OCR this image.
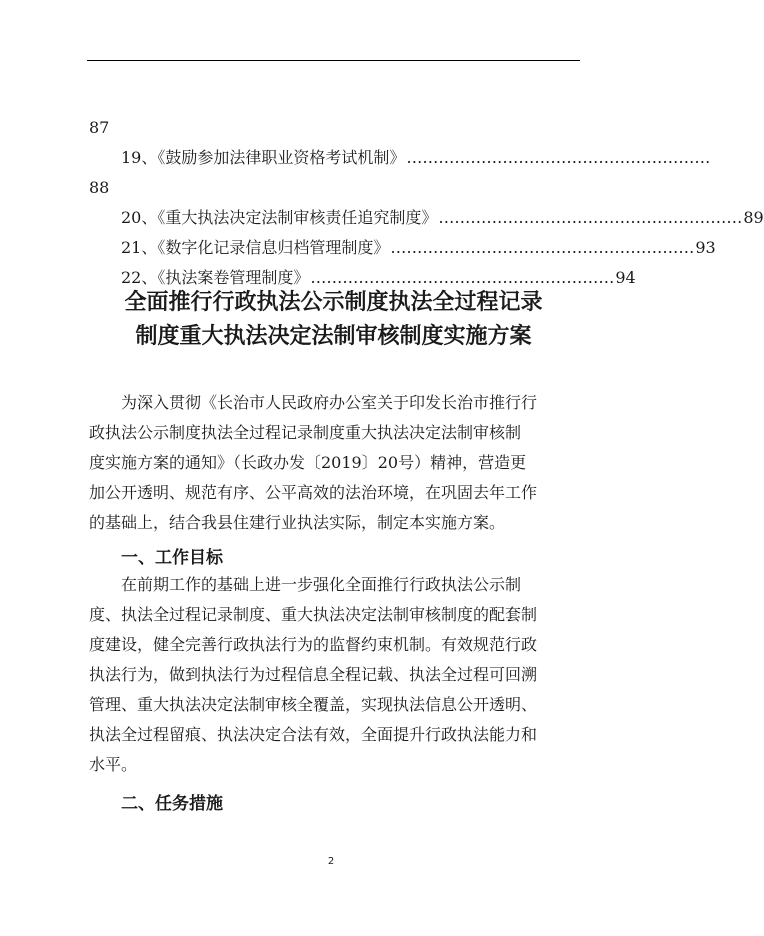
87
19、《鼓励参加法律职业资格考试机制》 …………………………………………………
88
20、《重大执法决定法制审核责任追究制度》 ………………………………………………… 89
21、《数字化记录信息归档管理制度》 ………………………………………………… 93
22、《执法案卷管理制度》 ………………………………………………… 94
全面推行行政执法公示制度执法全过程记录
制度重大执法决定法制审核制度实施方案
为深入贯彻《长治市人民政府办公室关于印发长治市推行行
政执法公示制度执法全过程记录制度重大执法决定法制审核制
度实施方案的通知》（长政办发〔2019〕20号）精神，营造更
加公开透明、规范有序、公平高效的法治环境，在巩固去年工作
的基础上，结合我县住建行业执法实际，制定本实施方案。
一、工作目标
在前期工作的基础上进一步强化全面推行行政执法公示制
度、执法全过程记录制度、重大执法决定法制审核制度的配套制
度建设，健全完善行政执法行为的监督约束机制。有效规范行政
执法行为，做到执法行为过程信息全程记载、执法全过程可回溯
管理、重大执法决定法制审核全覆盖，实现执法信息公开透明、
执法全过程留痕、执法决定合法有效，全面提升行政执法能力和
水平。
二、任务措施
2
